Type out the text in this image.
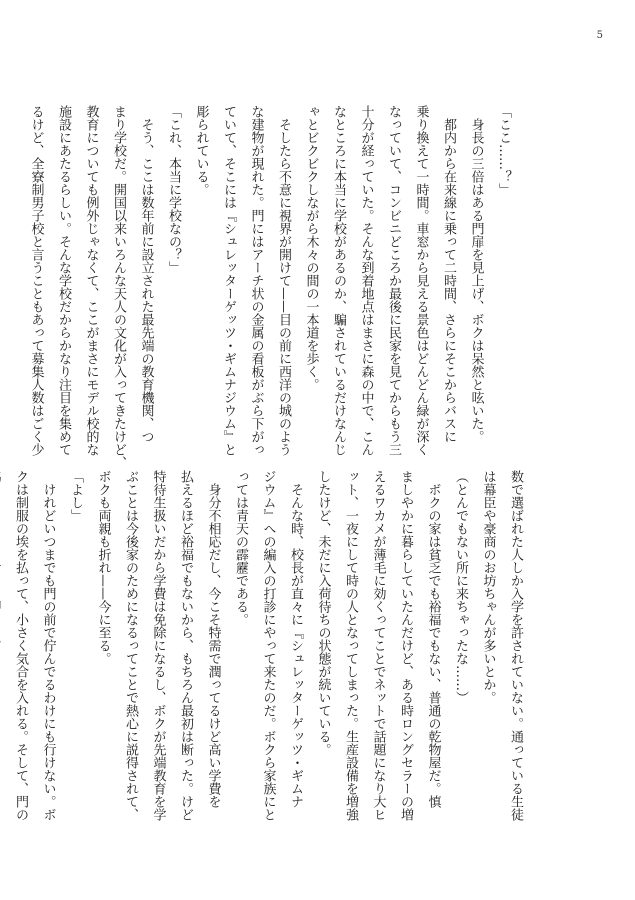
5
「ここ……？」
　身長の三倍はある門扉を見上げ、ボクは呆然と呟いた。
　都内から在来線に乗って二時間、さらにそこからバスに
乗り換えて一時間。車窓から見える景色はどんどん緑が深く
なっていて、コンビニどころか最後に民家を見てからもう三
十分が経っていた。そんな到着地点はまさに森の中で、こん
なところに本当に学校があるのか、騙されているだけなんじ
ゃとビクビクしながら木々の間の一本道を歩く。
　そしたら不意に視界が開けて——目の前に西洋の城のよう
な建物が現れた。門にはアーチ状の金属の看板がぶら下がっ
ていて、そこには『シュレッターゲッツ・ギムナジウム』と
彫られている。
「これ、本当に学校なの？」
　そう、ここは数年前に設立された最先端の教育機関、つ
まり学校だ。開国以来いろんな天人の文化が入ってきたけど、
教育についても例外じゃなくて、ここがまさにモデル校的な
施設にあたるらしい。そんな学校だからかなり注目を集めて
るけど、全寮制男子校と言うこともあって募集人数はごく少
数で選ばれた人しか入学を許されていない。通っている生徒
は幕臣や豪商のお坊ちゃんが多いとか。
（とんでもない所に来ちゃったな……）
　ボクの家は貧乏でも裕福でもない、普通の乾物屋だ。慎
ましやかに暮らしていたんだけど、ある時ロングセラーの増
えるワカメが薄毛に効くってことでネットで話題になり大ヒ
ット、一夜にして時の人となってしまった。生産設備を増強
したけど、未だに入荷待ちの状態が続いている。
　そんな時、校長が直々に『シュレッターゲッツ・ギムナ
ジウム』への編入の打診にやって来たのだ。ボクら家族にと
っては青天の霹靂である。
　身分不相応だし、今こそ特需で潤ってるけど高い学費を
払えるほど裕福でもないから、もちろん最初は断った。けど
特待生扱いだから学費は免除になるし、ボクが先端教育を学
ぶことは今後家のためになるってことで熱心に説得されて、
ボクも両親も折れ——今に至る。
「よし」
　けれどいつまでも門の前で佇んでるわけにも行けない。ボ
クは制服の埃を払って、小さく気合を入れる。そして、門の
